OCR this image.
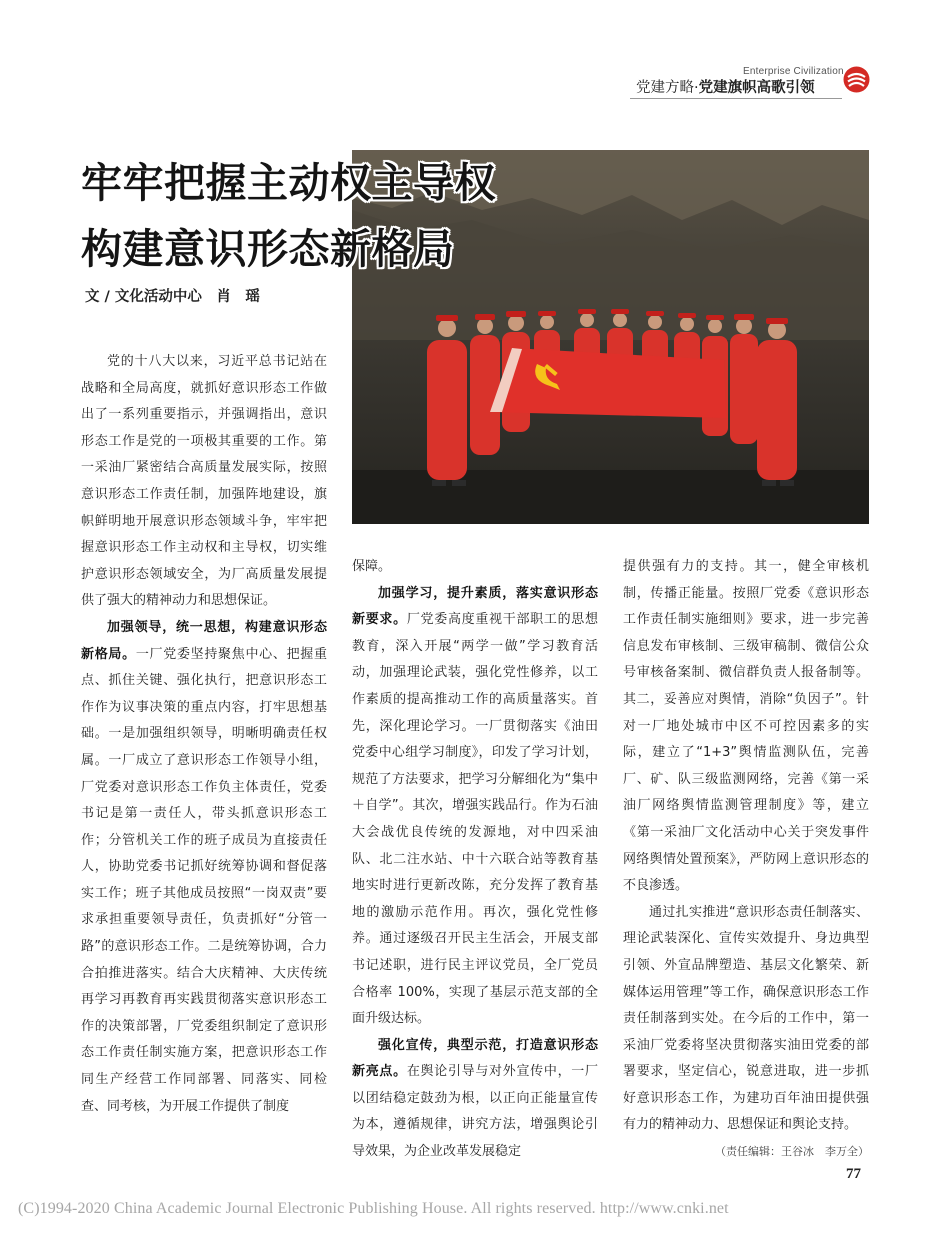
Enterprise Civilization
党建方略·党建旗帜高歌引领
牢牢把握主动权主导权
构建意识形态新格局
文 / 文化活动中心　肖　瑶

党的十八大以来，习近平总书记站在战略和全局高度，就抓好意识形态工作做出了一系列重要指示，并强调指出，意识形态工作是党的一项极其重要的工作。第一采油厂紧密结合高质量发展实际，按照意识形态工作责任制，加强阵地建设，旗帜鲜明地开展意识形态领域斗争，牢牢把握意识形态工作主动权和主导权，切实维护意识形态领域安全，为厂高质量发展提供了强大的精神动力和思想保证。

加强领导，统一思想，构建意识形态新格局。一厂党委坚持聚焦中心、把握重点、抓住关键、强化执行，把意识形态工作作为议事决策的重点内容，打牢思想基础。一是加强组织领导，明晰明确责任权属。一厂成立了意识形态工作领导小组，厂党委对意识形态工作负主体责任，党委书记是第一责任人，带头抓意识形态工作；分管机关工作的班子成员为直接责任人，协助党委书记抓好统筹协调和督促落实工作；班子其他成员按照“一岗双责”要求承担重要领导责任，负责抓好“分管一路”的意识形态工作。二是统筹协调，合力合拍推进落实。结合大庆精神、大庆传统再学习再教育再实践贯彻落实意识形态工作的决策部署，厂党委组织制定了意识形态工作责任制实施方案，把意识形态工作同生产经营工作同部署、同落实、同检查、同考核，为开展工作提供了制度

保障。

加强学习，提升素质，落实意识形态新要求。厂党委高度重视干部职工的思想教育，深入开展“两学一做”学习教育活动，加强理论武装，强化党性修养，以工作素质的提高推动工作的高质量落实。首先，深化理论学习。一厂贯彻落实《油田党委中心组学习制度》，印发了学习计划，规范了方法要求，把学习分解细化为“集中＋自学”。其次，增强实践品行。作为石油大会战优良传统的发源地，对中四采油队、北二注水站、中十六联合站等教育基地实时进行更新改陈，充分发挥了教育基地的激励示范作用。再次，强化党性修养。通过逐级召开民主生活会，开展支部书记述职，进行民主评议党员，全厂党员合格率 100%，实现了基层示范支部的全面升级达标。

强化宣传，典型示范，打造意识形态新亮点。在舆论引导与对外宣传中，一厂以团结稳定鼓劲为根，以正向正能量宣传为本，遵循规律，讲究方法，增强舆论引导效果，为企业改革发展稳定

提供强有力的支持。其一，健全审核机制，传播正能量。按照厂党委《意识形态工作责任制实施细则》要求，进一步完善信息发布审核制、三级审稿制、微信公众号审核备案制、微信群负责人报备制等。其二，妥善应对舆情，消除“负因子”。针对一厂地处城市中区不可控因素多的实际，建立了“1+3”舆情监测队伍，完善厂、矿、队三级监测网络，完善《第一采油厂网络舆情监测管理制度》等，建立《第一采油厂文化活动中心关于突发事件网络舆情处置预案》，严防网上意识形态的不良渗透。

通过扎实推进“意识形态责任制落实、理论武装深化、宣传实效提升、身边典型引领、外宣品牌塑造、基层文化繁荣、新媒体运用管理”等工作，确保意识形态工作责任制落到实处。在今后的工作中，第一采油厂党委将坚决贯彻落实油田党委的部署要求，坚定信心，锐意进取，进一步抓好意识形态工作，为建功百年油田提供强有力的精神动力、思想保证和舆论支持。
（责任编辑：王谷冰　李万全）

77
(C)1994-2020 China Academic Journal Electronic Publishing House. All rights reserved. http://www.cnki.net
